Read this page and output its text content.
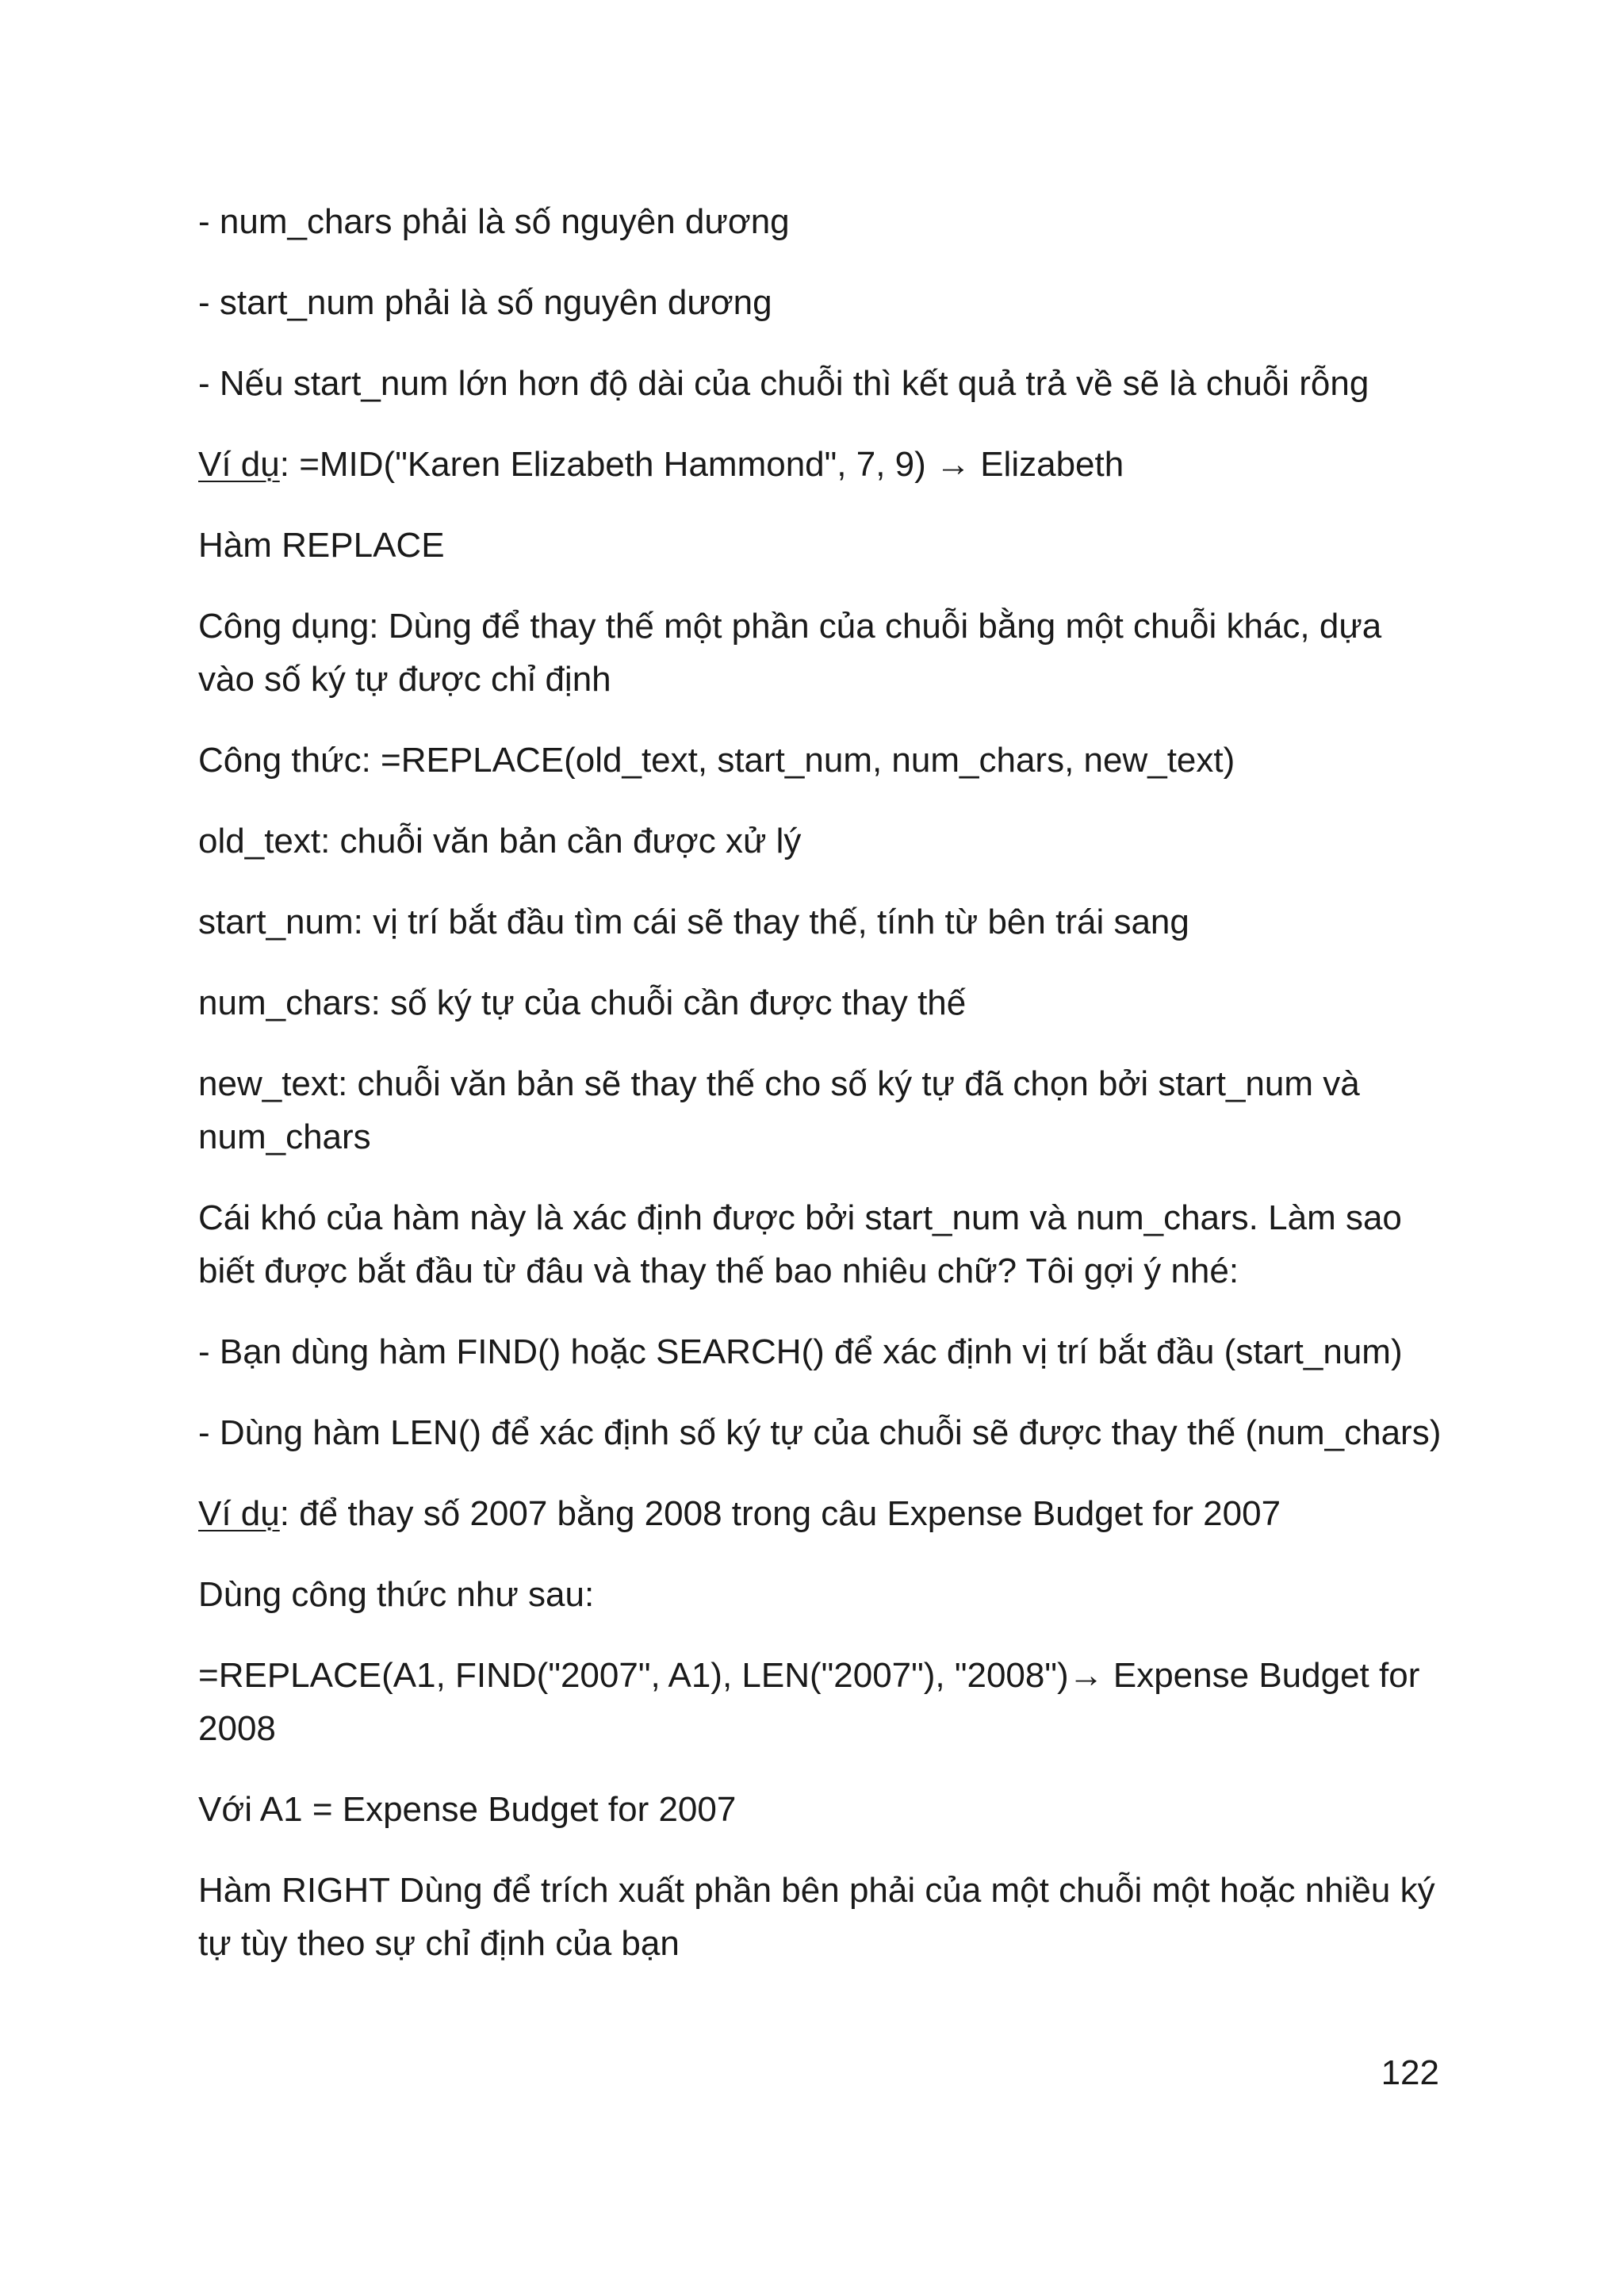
- num_chars phải là số nguyên dương

- start_num phải là số nguyên dương

- Nếu start_num lớn hơn độ dài của chuỗi thì kết quả trả về sẽ là chuỗi rỗng

Ví dụ: =MID("Karen Elizabeth Hammond", 7, 9) → Elizabeth

Hàm REPLACE

Công dụng: Dùng để thay thế một phần của chuỗi bằng một chuỗi khác, dựa
vào số ký tự được chỉ định

Công thức: =REPLACE(old_text, start_num, num_chars, new_text)

old_text: chuỗi văn bản cần được xử lý

start_num: vị trí bắt đầu tìm cái sẽ thay thế, tính từ bên trái sang

num_chars: số ký tự của chuỗi cần được thay thế

new_text: chuỗi văn bản sẽ thay thế cho số ký tự đã chọn bởi start_num và
num_chars

Cái khó của hàm này là xác định được bởi start_num và num_chars. Làm sao
biết được bắt đầu từ đâu và thay thế bao nhiêu chữ? Tôi gợi ý nhé:

- Bạn dùng hàm FIND() hoặc SEARCH() để xác định vị trí bắt đầu (start_num)

- Dùng hàm LEN() để xác định số ký tự của chuỗi sẽ được thay thế (num_chars)

Ví dụ: để thay số 2007 bằng 2008 trong câu Expense Budget for 2007

Dùng công thức như sau:

=REPLACE(A1, FIND("2007", A1), LEN("2007"), "2008")→ Expense Budget for
2008

Với A1 = Expense Budget for 2007

Hàm RIGHT Dùng để trích xuất phần bên phải của một chuỗi một hoặc nhiều ký
tự tùy theo sự chỉ định của bạn

122
